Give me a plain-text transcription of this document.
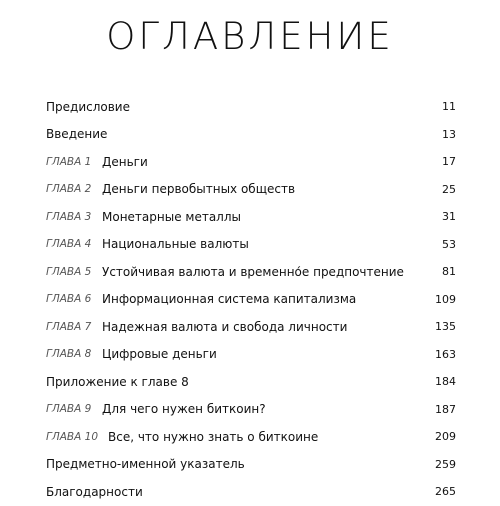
ОГЛАВЛЕНИЕ
Предисловие	11
Введение	13
ГЛАВА 1 Деньги	17
ГЛАВА 2 Деньги первобытных обществ	25
ГЛАВА 3 Монетарные металлы	31
ГЛАВА 4 Национальные валюты	53
ГЛАВА 5 Устойчивая валюта и временно́е предпочтение	81
ГЛАВА 6 Информационная система капитализма	109
ГЛАВА 7 Надежная валюта и свобода личности	135
ГЛАВА 8 Цифровые деньги	163
Приложение к главе 8	184
ГЛАВА 9 Для чего нужен биткоин?	187
ГЛАВА 10 Все, что нужно знать о биткоине	209
Предметно-именной указатель	259
Благодарности	265
